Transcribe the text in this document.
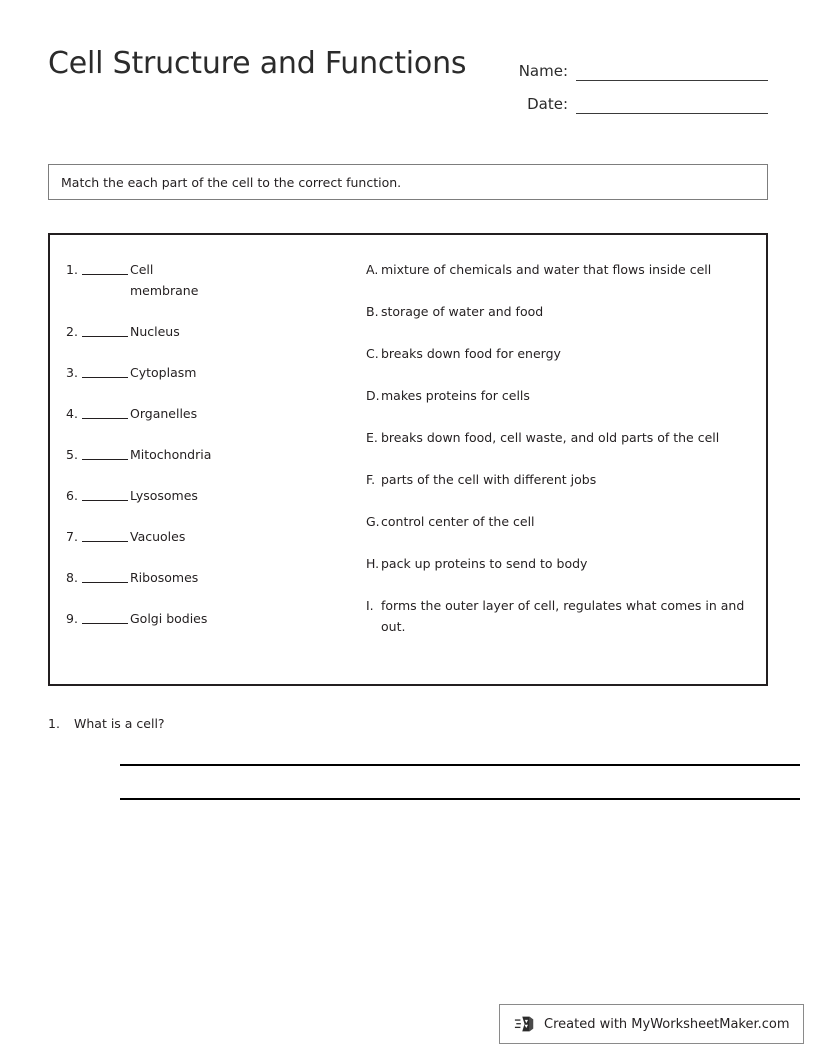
Cell Structure and Functions	Name:
Date:
Match the each part of the cell to the correct function.
1.	Cell membrane
2.	Nucleus
3.	Cytoplasm
4.	Organelles
5.	Mitochondria
6.	Lysosomes
7.	Vacuoles
8.	Ribosomes
9.	Golgi bodies
A. mixture of chemicals and water that flows inside cell
B. storage of water and food
C. breaks down food for energy
D. makes proteins for cells
E. breaks down food, cell waste, and old parts of the cell
F. parts of the cell with different jobs
G. control center of the cell
H. pack up proteins to send to body
I. forms the outer layer of cell, regulates what comes in and out.
1.	What is a cell?
Created with MyWorksheetMaker.com
